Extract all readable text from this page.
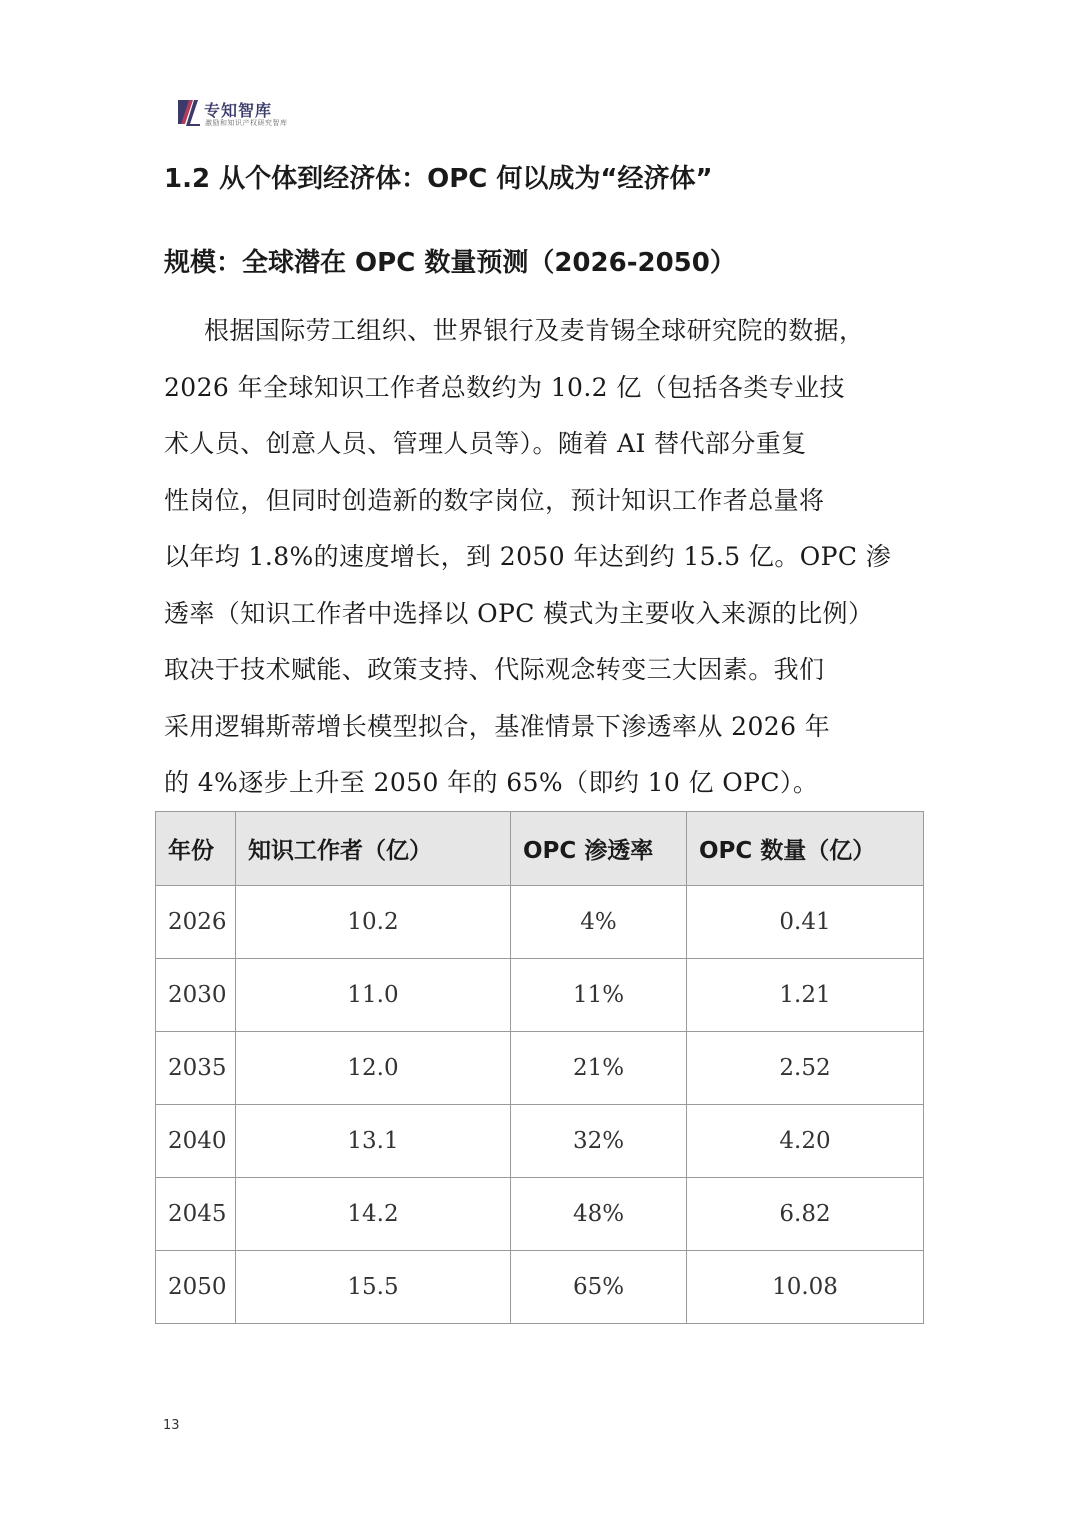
专知智库
激励和知识产权研究智库
1.2 从个体到经济体：OPC 何以成为“经济体”
规模：全球潜在 OPC 数量预测（2026-2050）

根据国际劳工组织、世界银行及麦肯锡全球研究院的数据，
2026 年全球知识工作者总数约为 10.2 亿（包括各类专业技
术人员、创意人员、管理人员等）。随着 AI 替代部分重复
性岗位，但同时创造新的数字岗位，预计知识工作者总量将
以年均 1.8%的速度增长，到 2050 年达到约 15.5 亿。OPC 渗
透率（知识工作者中选择以 OPC 模式为主要收入来源的比例）
取决于技术赋能、政策支持、代际观念转变三大因素。我们
采用逻辑斯蒂增长模型拟合，基准情景下渗透率从 2026 年
的 4%逐步上升至 2050 年的 65%（即约 10 亿 OPC）。

年份	知识工作者（亿）	OPC 渗透率	OPC 数量（亿）
2026	10.2	4%	0.41
2030	11.0	11%	1.21
2035	12.0	21%	2.52
2040	13.1	32%	4.20
2045	14.2	48%	6.82
2050	15.5	65%	10.08
13
